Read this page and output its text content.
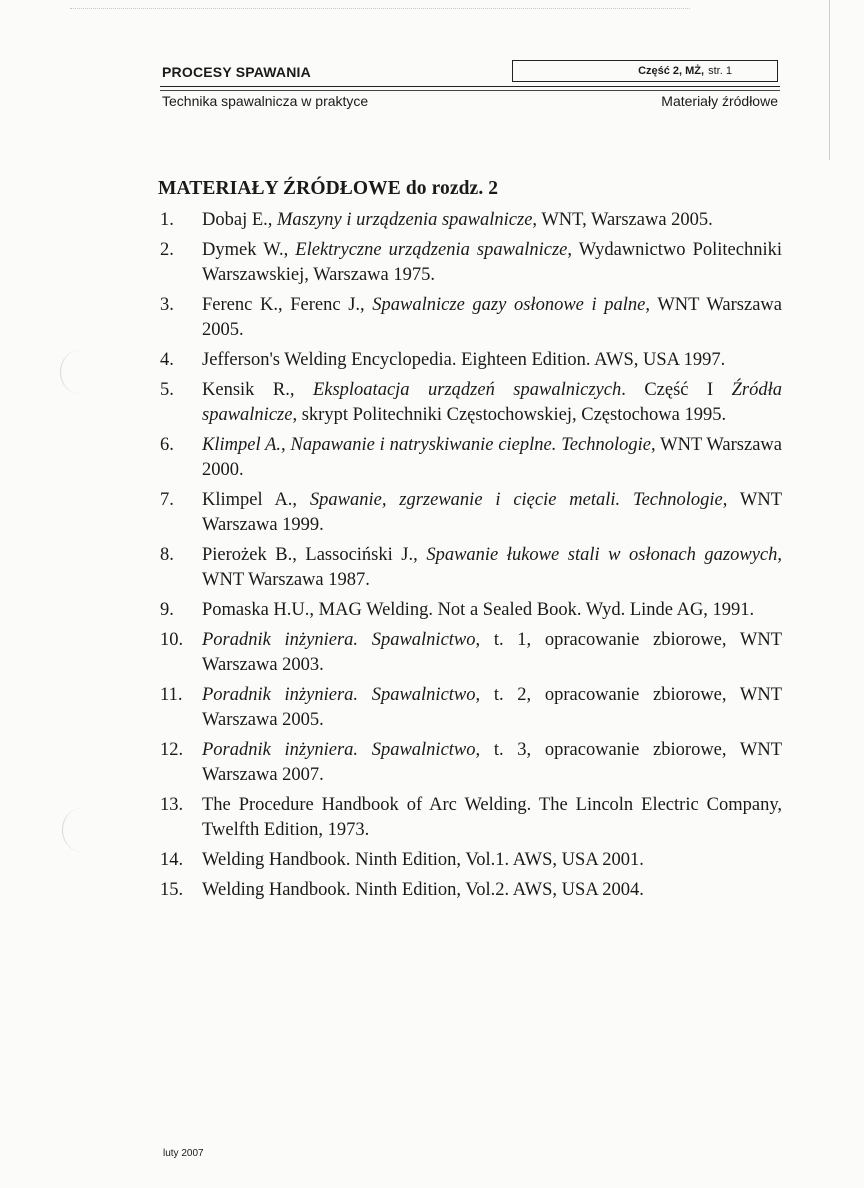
PROCESY SPAWANIA	Część 2, MŻ, str. 1
Technika spawalnicza w praktyce	Materiały źródłowe
MATERIAŁY ŹRÓDŁOWE do rozdz. 2
1. Dobaj E., Maszyny i urządzenia spawalnicze, WNT, Warszawa 2005.
2. Dymek W., Elektryczne urządzenia spawalnicze, Wydawnictwo Politechniki Warszawskiej, Warszawa 1975.
3. Ferenc K., Ferenc J., Spawalnicze gazy osłonowe i palne, WNT Warszawa 2005.
4. Jefferson's Welding Encyclopedia. Eighteen Edition. AWS, USA 1997.
5. Kensik R., Eksploatacja urządzeń spawalniczych. Część I Źródła spawalnicze, skrypt Politechniki Częstochowskiej, Częstochowa 1995.
6. Klimpel A., Napawanie i natryskiwanie cieplne. Technologie, WNT Warszawa 2000.
7. Klimpel A., Spawanie, zgrzewanie i cięcie metali. Technologie, WNT Warszawa 1999.
8. Pierożek B., Lassociński J., Spawanie łukowe stali w osłonach gazowych, WNT Warszawa 1987.
9. Pomaska H.U., MAG Welding. Not a Sealed Book. Wyd. Linde AG, 1991.
10. Poradnik inżyniera. Spawalnictwo, t. 1, opracowanie zbiorowe, WNT Warszawa 2003.
11. Poradnik inżyniera. Spawalnictwo, t. 2, opracowanie zbiorowe, WNT Warszawa 2005.
12. Poradnik inżyniera. Spawalnictwo, t. 3, opracowanie zbiorowe, WNT Warszawa 2007.
13. The Procedure Handbook of Arc Welding. The Lincoln Electric Company, Twelfth Edition, 1973.
14. Welding Handbook. Ninth Edition, Vol.1. AWS, USA 2001.
15. Welding Handbook. Ninth Edition, Vol.2. AWS, USA 2004.
luty 2007
